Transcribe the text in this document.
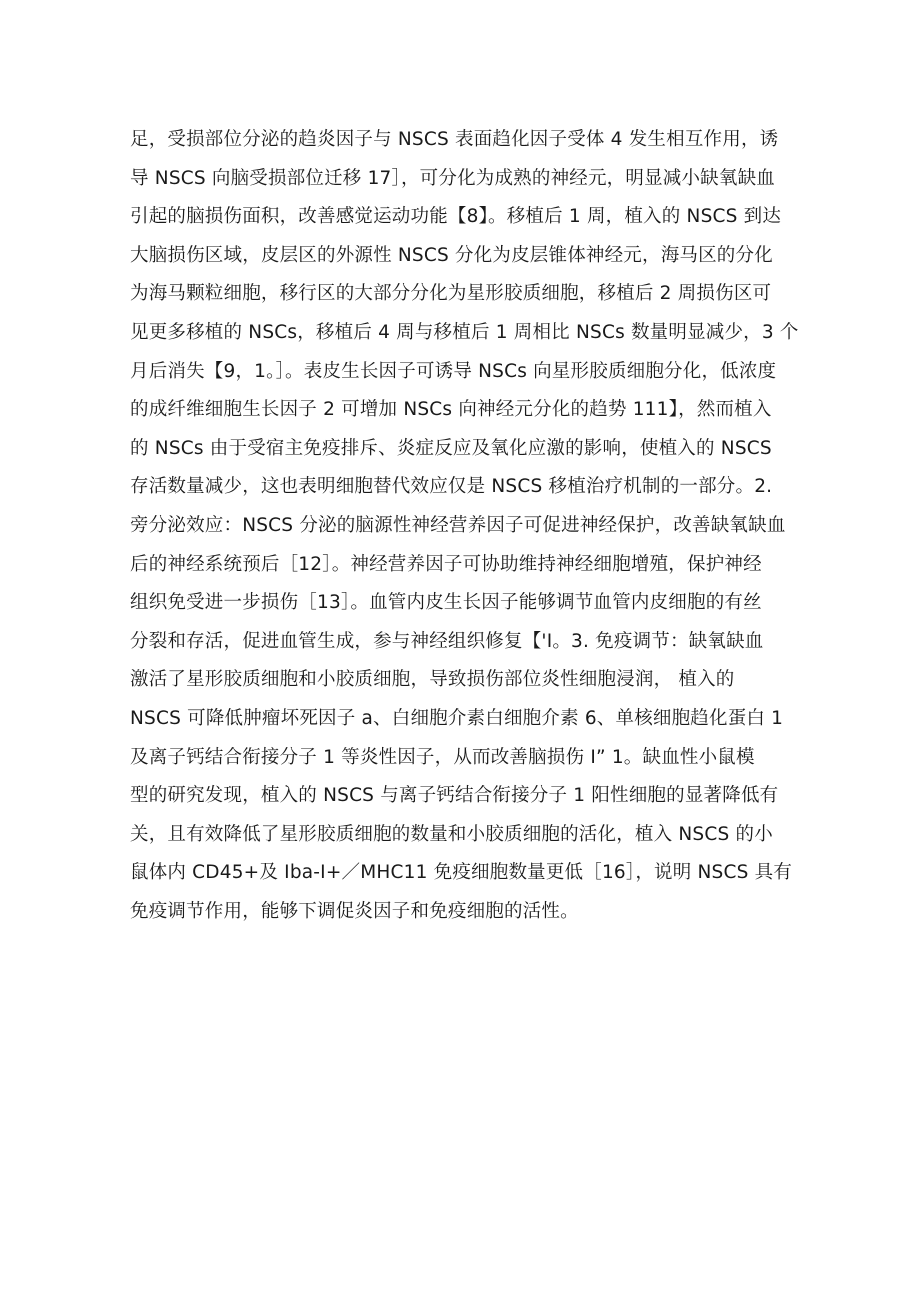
足，受损部位分泌的趋炎因子与 NSCS 表面趋化因子受体 4 发生相互作用，诱
导 NSCS 向脑受损部位迁移 17］，可分化为成熟的神经元，明显减小缺氧缺血
引起的脑损伤面积，改善感觉运动功能【8】。移植后 1 周，植入的 NSCS 到达
大脑损伤区域，皮层区的外源性 NSCS 分化为皮层锥体神经元，海马区的分化
为海马颗粒细胞，移行区的大部分分化为星形胶质细胞，移植后 2 周损伤区可
见更多移植的 NSCs，移植后 4 周与移植后 1 周相比 NSCs 数量明显减少，3 个
月后消失【9，1。］。表皮生长因子可诱导 NSCs 向星形胶质细胞分化，低浓度
的成纤维细胞生长因子 2 可增加 NSCs 向神经元分化的趋势 111】，然而植入
的 NSCs 由于受宿主免疫排斥、炎症反应及氧化应激的影响，使植入的 NSCS
存活数量减少，这也表明细胞替代效应仅是 NSCS 移植治疗机制的一部分。2.
旁分泌效应：NSCS 分泌的脑源性神经营养因子可促进神经保护，改善缺氧缺血
后的神经系统预后［12］。神经营养因子可协助维持神经细胞增殖，保护神经
组织免受进一步损伤［13］。血管内皮生长因子能够调节血管内皮细胞的有丝
分裂和存活，促进血管生成，参与神经组织修复【'I。3. 免疫调节：缺氧缺血
激活了星形胶质细胞和小胶质细胞，导致损伤部位炎性细胞浸润， 植入的
NSCS 可降低肿瘤坏死因子 a、白细胞介素白细胞介素 6、单核细胞趋化蛋白 1
及离子钙结合衔接分子 1 等炎性因子，从而改善脑损伤 I” 1。缺血性小鼠模
型的研究发现，植入的 NSCS 与离子钙结合衔接分子 1 阳性细胞的显著降低有
关，且有效降低了星形胶质细胞的数量和小胶质细胞的活化，植入 NSCS 的小
鼠体内 CD45+及 Iba-I+／MHC11 免疫细胞数量更低［16］，说明 NSCS 具有
免疫调节作用，能够下调促炎因子和免疫细胞的活性。
